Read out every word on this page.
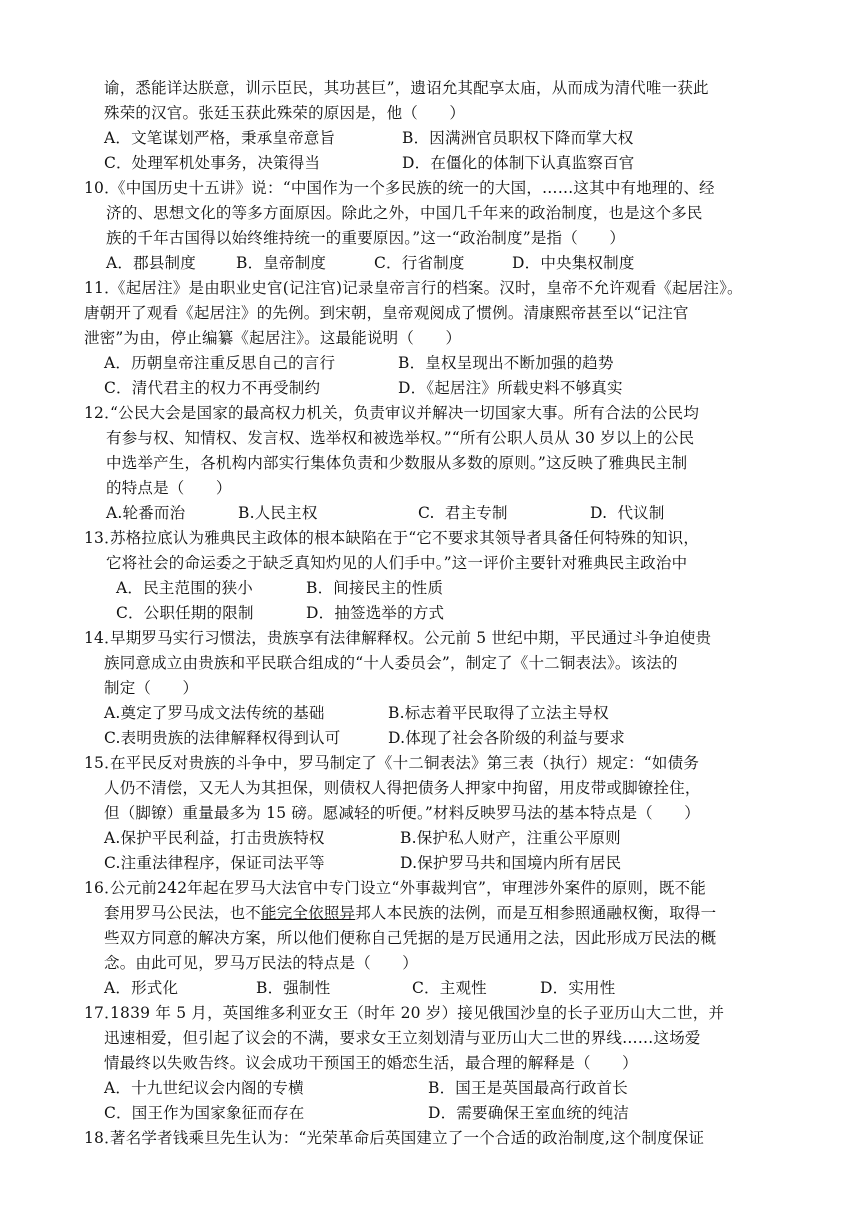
谕，悉能详达朕意，训示臣民，其功甚巨”，遗诏允其配享太庙，从而成为清代唯一获此
殊荣的汉官。张廷玉获此殊荣的原因是，他（　　）
A．文笔谋划严格，秉承皇帝意旨	B．因满洲官员职权下降而掌大权
C．处理军机处事务，决策得当	D．在僵化的体制下认真监察百官
10．
《中国历史十五讲》说：“中国作为一个多民族的统一的大国，……这其中有地理的、经
济的、思想文化的等多方面原因。除此之外，中国几千年来的政治制度，也是这个多民
族的千年古国得以始终维持统一的重要原因。”这一“政治制度”是指（　　）
A．郡县制度	B．皇帝制度	C．行省制度	D．中央集权制度
11．
《起居注》是由职业史官(记注官)记录皇帝言行的档案。汉时，皇帝不允许观看《起居注》。
唐朝开了观看《起居注》的先例。到宋朝，皇帝观阅成了惯例。清康熙帝甚至以“记注官
泄密”为由，停止编纂《起居注》。这最能说明（　　）
A．历朝皇帝注重反思自己的言行	B．皇权呈现出不断加强的趋势
C．清代君主的权力不再受制约	D．《起居注》所载史料不够真实
12．
“公民大会是国家的最高权力机关，负责审议并解决一切国家大事。所有合法的公民均
有参与权、知情权、发言权、选举权和被选举权。”“所有公职人员从 30 岁以上的公民
中选举产生，各机构内部实行集体负责和少数服从多数的原则。”这反映了雅典民主制
的特点是（　　）
A.轮番而治	B.人民主权	C.  君主专制	D.  代议制
13．
苏格拉底认为雅典民主政体的根本缺陷在于“它不要求其领导者具备任何特殊的知识，
它将社会的命运委之于缺乏真知灼见的人们手中。”这一评价主要针对雅典民主政治中
A．民主范围的狭小	B．间接民主的性质
C．公职任期的限制	D．抽签选举的方式
14．
早期罗马实行习惯法，贵族享有法律解释权。公元前 5 世纪中期，平民通过斗争迫使贵
族同意成立由贵族和平民联合组成的“十人委员会”，制定了《十二铜表法》。该法的
制定（　　）
A.奠定了罗马成文法传统的基础	B.标志着平民取得了立法主导权
C.表明贵族的法律解释权得到认可	D.体现了社会各阶级的利益与要求
15．
在平民反对贵族的斗争中，罗马制定了《十二铜表法》第三表（执行）规定：“如债务
人仍不清偿，又无人为其担保，则债权人得把债务人押家中拘留，用皮带或脚镣拴住，
但（脚镣）重量最多为 15 磅。愿减轻的听便。”材料反映罗马法的基本特点是（　　）
A.保护平民利益，打击贵族特权	B.保护私人财产，注重公平原则
C.注重法律程序，保证司法平等	D.保护罗马共和国境内所有居民
16．
公元前242年起在罗马大法官中专门设立“外事裁判官”，审理涉外案件的原则，既不能
套用罗马公民法，也不能完全依照异邦人本民族的法例，而是互相参照通融权衡，取得一
些双方同意的解决方案，所以他们便称自己凭据的是万民通用之法，因此形成万民法的概
念。由此可见，罗马万民法的特点是（　　）
A．形式化	B．强制性	C．主观性	D．实用性
17．
1839 年 5 月，英国维多利亚女王（时年 20 岁）接见俄国沙皇的长子亚历山大二世，并
迅速相爱，但引起了议会的不满，要求女王立刻划清与亚历山大二世的界线……这场爱
情最终以失败告终。议会成功干预国王的婚恋生活，最合理的解释是（　　）
A．十九世纪议会内阁的专横	B．国王是英国最高行政首长
C．国王作为国家象征而存在	D．需要确保王室血统的纯洁
18．
著名学者钱乘旦先生认为：“光荣革命后英国建立了一个合适的政治制度,这个制度保证
